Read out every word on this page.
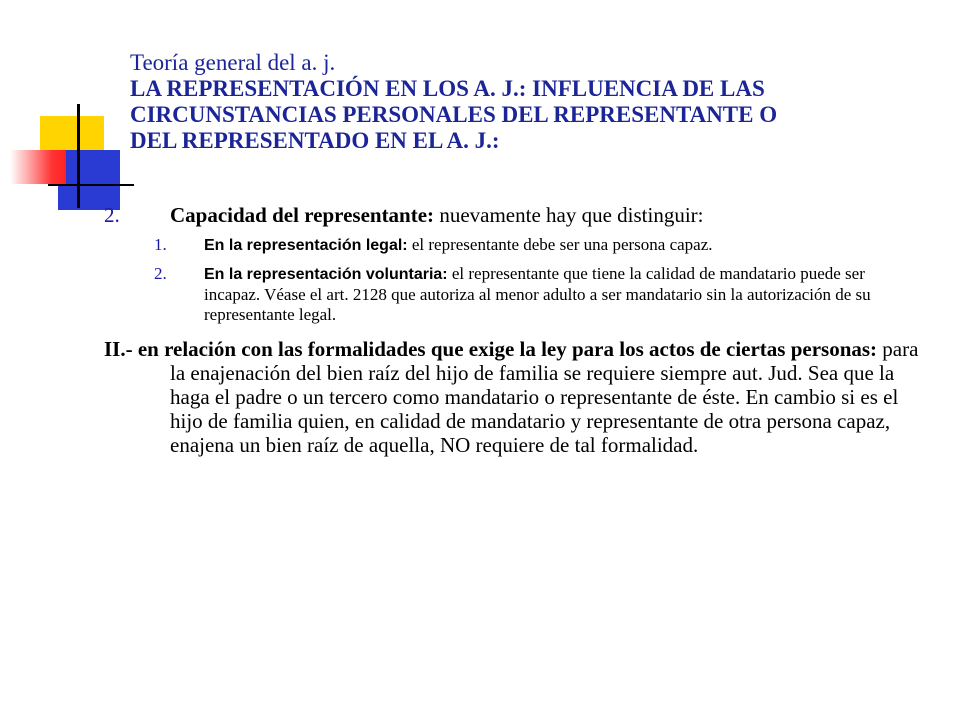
Teoría general del a. j.
LA REPRESENTACIÓN EN LOS A. J.: INFLUENCIA DE LAS
CIRCUNSTANCIAS PERSONALES DEL REPRESENTANTE O
DEL REPRESENTADO EN EL A. J.:
2. Capacidad del representante: nuevamente hay que distinguir:
1. En la representación legal: el representante debe ser una persona capaz.
2. En la representación voluntaria: el representante que tiene la calidad de mandatario puede ser incapaz. Véase el art. 2128 que autoriza al menor adulto a ser mandatario sin la autorización de su representante legal.
II.- en relación con las formalidades que exige la ley para los actos de ciertas personas: para la enajenación del bien raíz del hijo de familia se requiere siempre aut. Jud. Sea que la haga el padre o un tercero como mandatario o representante de éste. En cambio si es el hijo de familia quien, en calidad de mandatario y representante de otra persona capaz, enajena un bien raíz de aquella, NO requiere de tal formalidad.
